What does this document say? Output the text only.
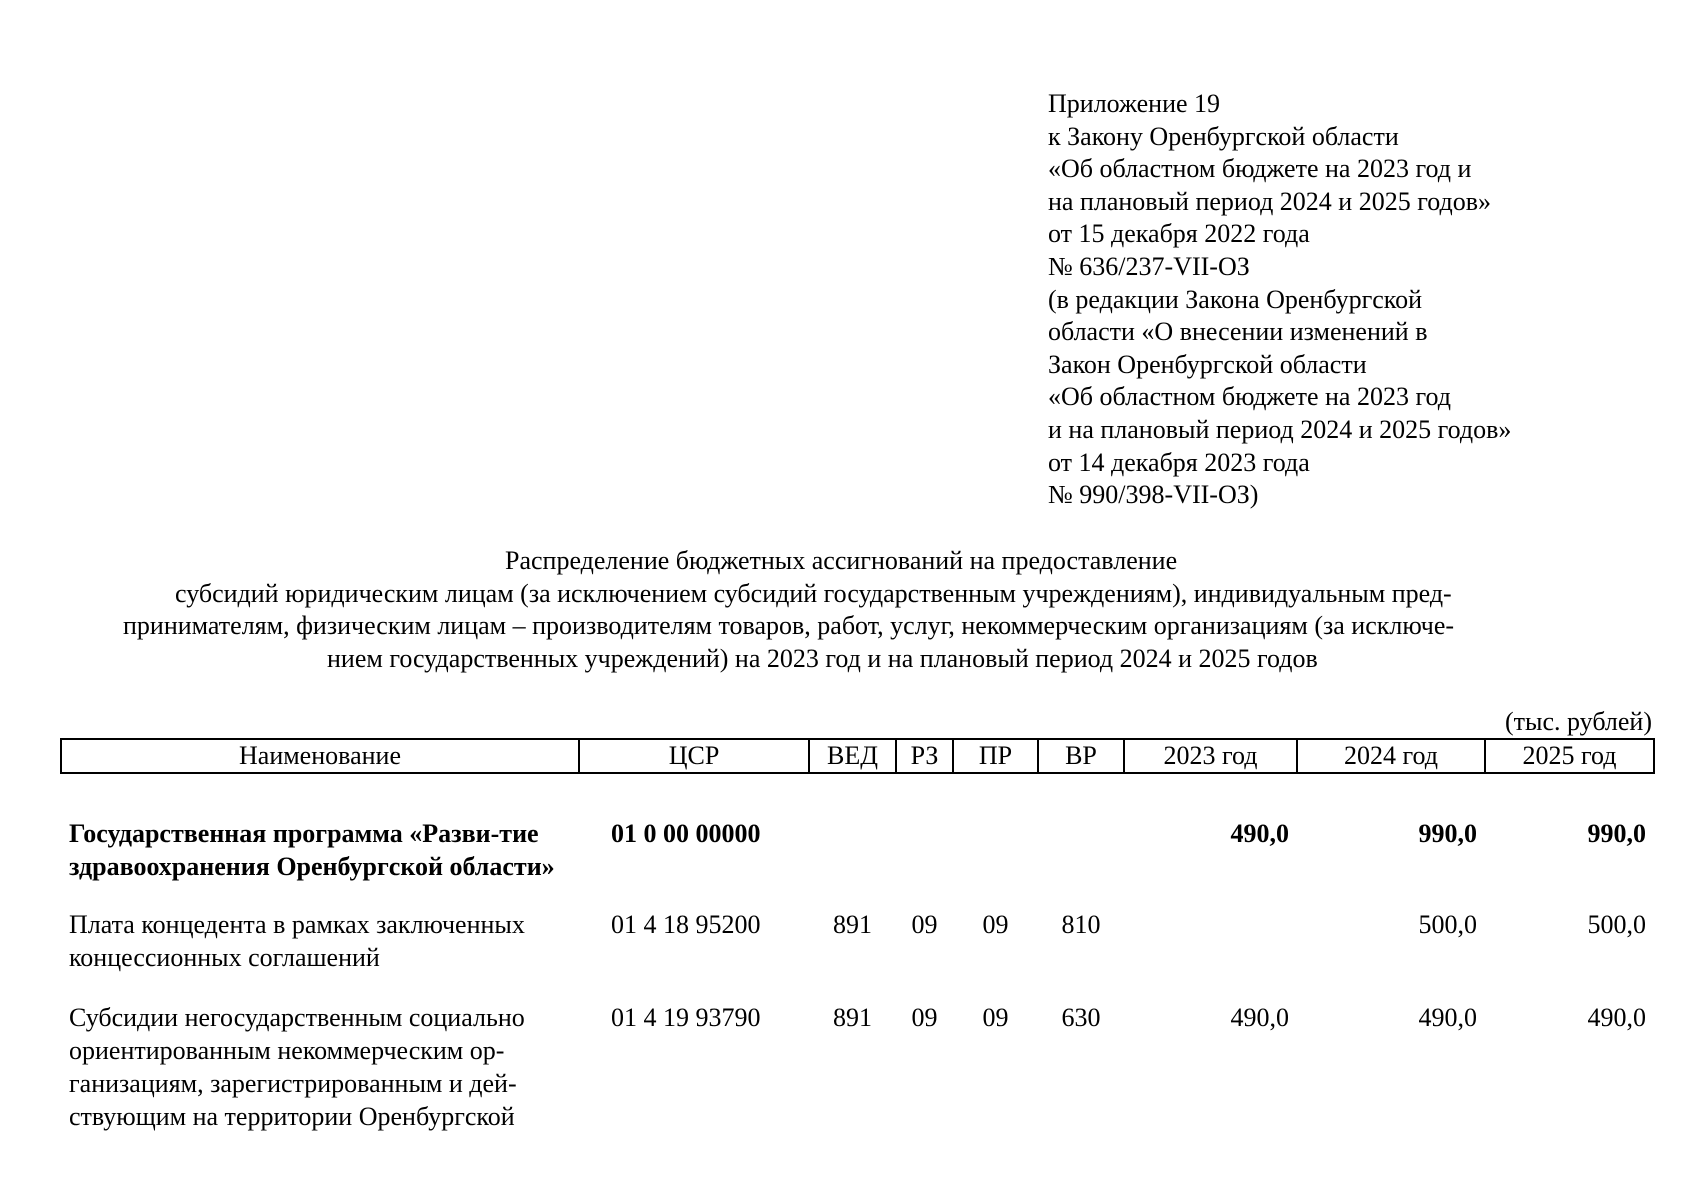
Приложение 19
к Закону Оренбургской области
«Об областном бюджете на 2023 год и
на плановый период 2024 и 2025 годов»
от 15 декабря 2022 года
№ 636/237-VII-ОЗ
(в редакции Закона Оренбургской
области «О внесении изменений в
Закон Оренбургской области
«Об областном бюджете на 2023 год
и на плановый период 2024 и 2025 годов»
от 14 декабря 2023 года
№ 990/398-VII-ОЗ)
Распределение бюджетных ассигнований на предоставление
субсидий юридическим лицам (за исключением субсидий государственным учреждениям), индивидуальным пред-
принимателям, физическим лицам – производителям товаров, работ, услуг, некоммерческим организациям (за исключе-
нием государственных учреждений) на 2023 год и на плановый период 2024 и 2025 годов
(тыс. рублей)
Наименование	ЦСР	ВЕД	РЗ	ПР	ВР	2023 год	2024 год	2025 год
Государственная программа «Разви-тие здравоохранения Оренбургской области»	01 0 00 00000					490,0	990,0	990,0
Плата концедента в рамках заключенных концессионных соглашений	01 4 18 95200	891	09	09	810		500,0	500,0
Субсидии негосударственным социально ориентированным некоммерческим ор-ганизациям, зарегистрированным и дей-ствующим на территории Оренбургской	01 4 19 93790	891	09	09	630	490,0	490,0	490,0
